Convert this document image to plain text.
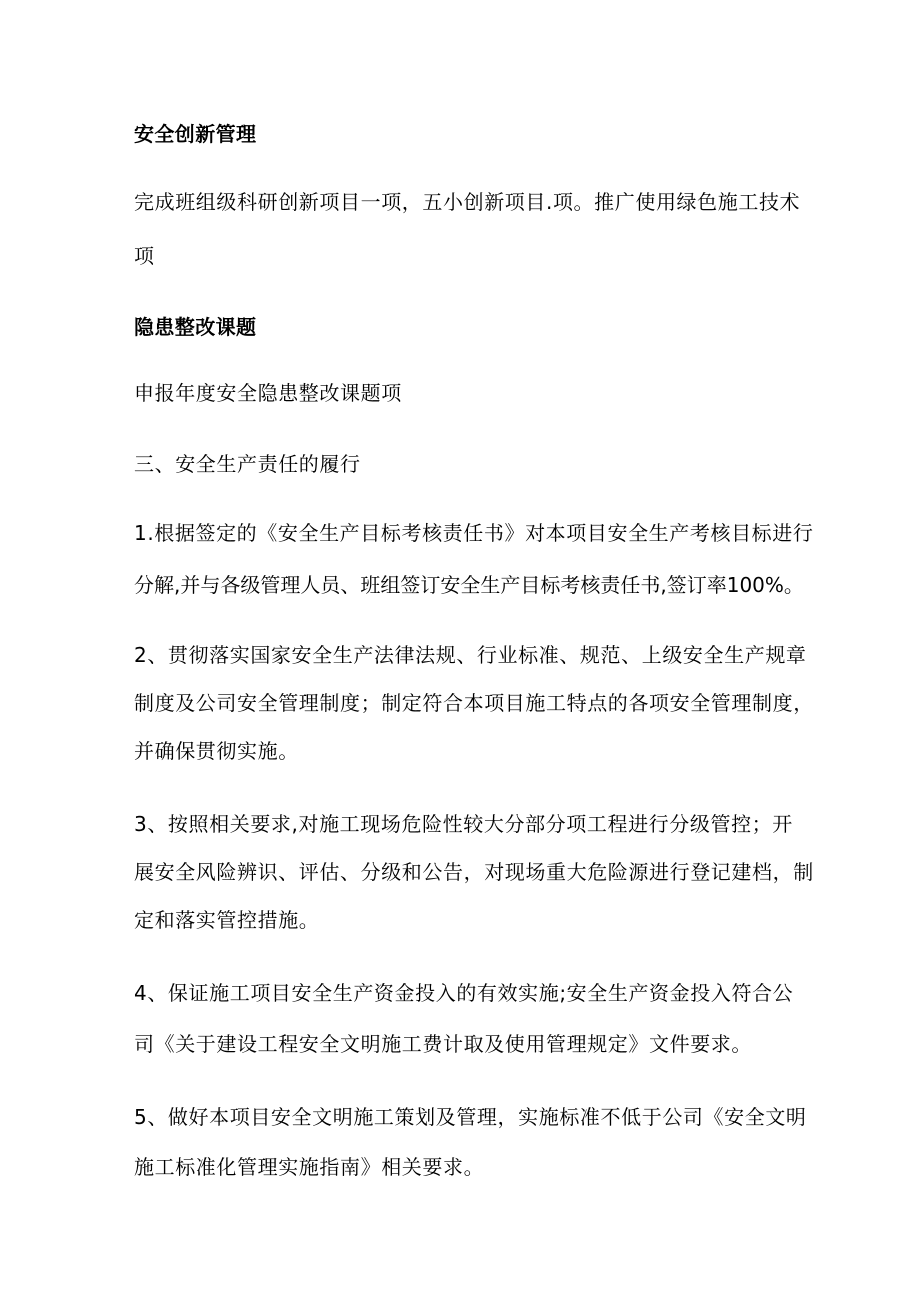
安全创新管理
完成班组级科研创新项目一项，五小创新项目.项。推广使用绿色施工技术
项
隐患整改课题
申报年度安全隐患整改课题项
三、安全生产责任的履行
1.根据签定的《安全生产目标考核责任书》对本项目安全生产考核目标进行
分解,并与各级管理人员、班组签订安全生产目标考核责任书,签订率100%。
2、贯彻落实国家安全生产法律法规、行业标准、规范、上级安全生产规章
制度及公司安全管理制度；制定符合本项目施工特点的各项安全管理制度，
并确保贯彻实施。
3、按照相关要求,对施工现场危险性较大分部分项工程进行分级管控；开
展安全风险辨识、评估、分级和公告，对现场重大危险源进行登记建档，制
定和落实管控措施。
4、保证施工项目安全生产资金投入的有效实施;安全生产资金投入符合公
司《关于建设工程安全文明施工费计取及使用管理规定》文件要求。
5、做好本项目安全文明施工策划及管理，实施标准不低于公司《安全文明
施工标准化管理实施指南》相关要求。
